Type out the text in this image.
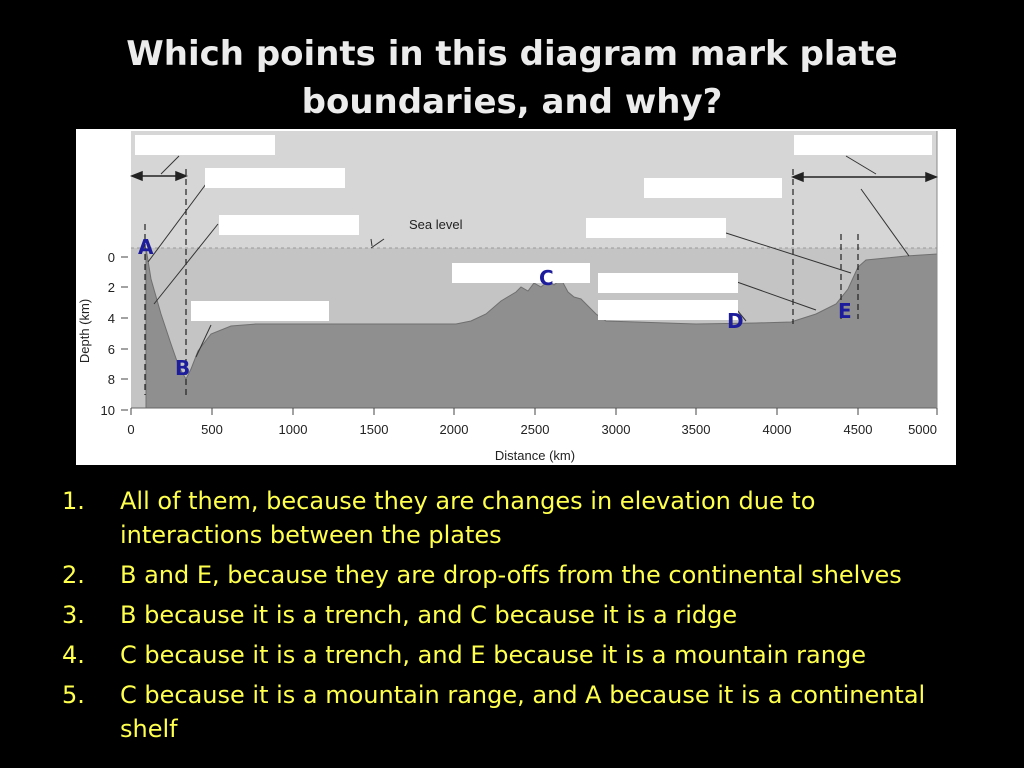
Which points in this diagram mark plate
boundaries, and why?
Sea level
Depth (km)
0
2
4
6
8
10
0	500	1000	1500	2000	2500	3000	3500	4000	4500	5000
Distance (km)
A
B
C
D	E
1.	All of them, because they are changes in elevation due to interactions between the plates
2.	B and E, because they are drop-offs from the continental shelves
3.	B because it is a trench, and C because it is a ridge
4.	C because it is a trench, and E because it is a mountain range
5.	C because it is a mountain range, and A because it is a continental shelf
